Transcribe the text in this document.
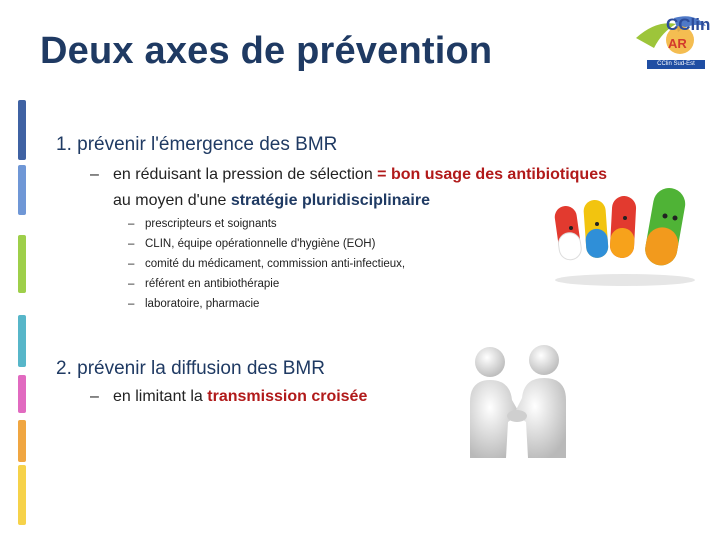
Deux axes de prévention
CClin
AR
CClin Sud-Est
1. prévenir l'émergence des BMR
– en réduisant la pression de sélection = bon usage des antibiotiques
au moyen d'une stratégie pluridisciplinaire
– prescripteurs et soignants
– CLIN, équipe opérationnelle d'hygiène (EOH)
– comité du médicament, commission anti-infectieux,
– référent en antibiothérapie
– laboratoire, pharmacie
2. prévenir la diffusion des BMR
– en limitant la transmission croisée
